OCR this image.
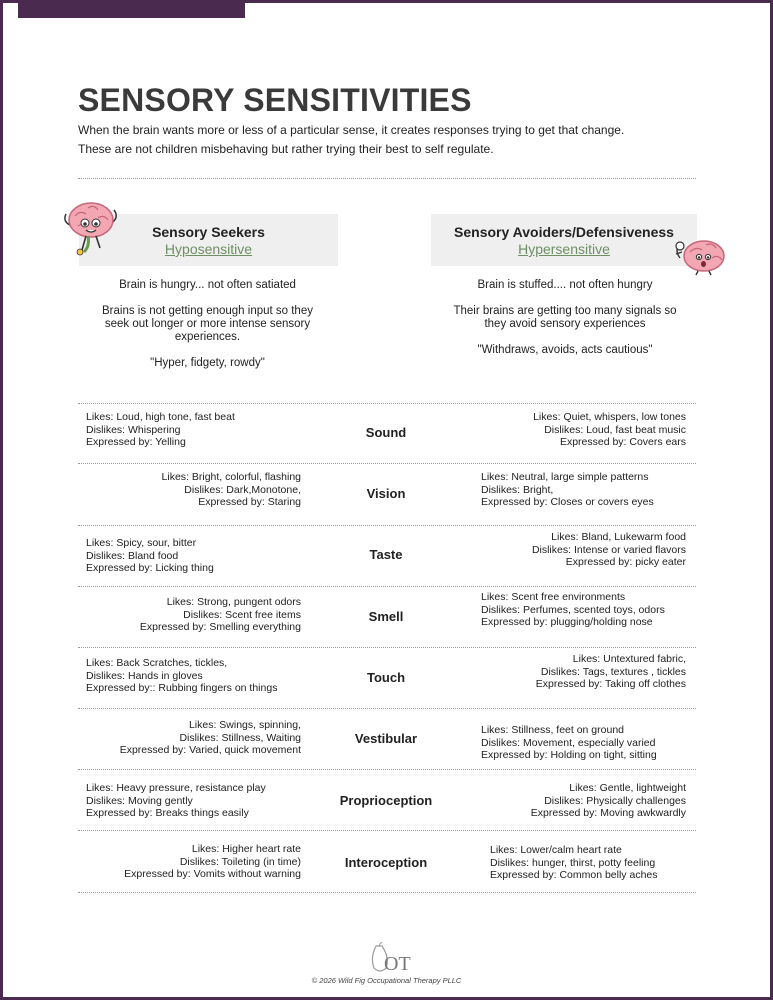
SENSORY SENSITIVITIES
When the brain wants more or less of a particular sense, it creates responses trying to get that change.
These are not children misbehaving but rather trying their best to self regulate.
Sensory Seekers
Hyposensitive
Sensory Avoiders/Defensiveness
Hypersensitive

Brain is hungry... not often satiated

Brains is not getting enough input so they seek out longer or more intense sensory experiences.

"Hyper, fidgety, rowdy"

Brain is stuffed.... not often hungry

Their brains are getting too many signals so they avoid sensory experiences

"Withdraws, avoids, acts cautious"

Likes: Loud, high tone, fast beat
Dislikes: Whispering
Expressed by: Yelling
Sound
Likes: Quiet, whispers, low tones
Dislikes: Loud, fast beat music
Expressed by: Covers ears
Likes: Bright, colorful, flashing
Dislikes: Dark,Monotone,
Expressed by: Staring
Vision
Likes: Neutral, large simple patterns
Dislikes: Bright,
Expressed by: Closes or covers eyes
Likes: Spicy, sour, bitter
Dislikes: Bland food
Expressed by: Licking thing
Taste
Likes: Bland, Lukewarm food
Dislikes: Intense or varied flavors
Expressed by: picky eater
Likes: Strong, pungent odors
Dislikes: Scent free items
Expressed by: Smelling everything
Smell
Likes: Scent free environments
Dislikes: Perfumes, scented toys, odors
Expressed by: plugging/holding nose
Likes: Back Scratches, tickles,
Dislikes: Hands in gloves
Expressed by:: Rubbing fingers on things
Touch
Likes: Untextured fabric,
Dislikes: Tags, textures , tickles
Expressed by: Taking off clothes
Likes: Swings, spinning,
Dislikes: Stillness, Waiting
Expressed by: Varied, quick movement
Vestibular
Likes: Stillness, feet on ground
Dislikes: Movement, especially varied
Expressed by: Holding on tight, sitting
Likes: Heavy pressure, resistance play
Dislikes: Moving gently
Expressed by: Breaks things easily
Proprioception
Likes: Gentle, lightweight
Dislikes: Physically challenges
Expressed by: Moving awkwardly
Likes: Higher heart rate
Dislikes: Toileting (in time)
Expressed by: Vomits without warning
Interoception
Likes: Lower/calm heart rate
Dislikes: hunger, thirst, potty feeling
Expressed by: Common belly aches
OT
© 2026 Wild Fig Occupational Therapy PLLC
